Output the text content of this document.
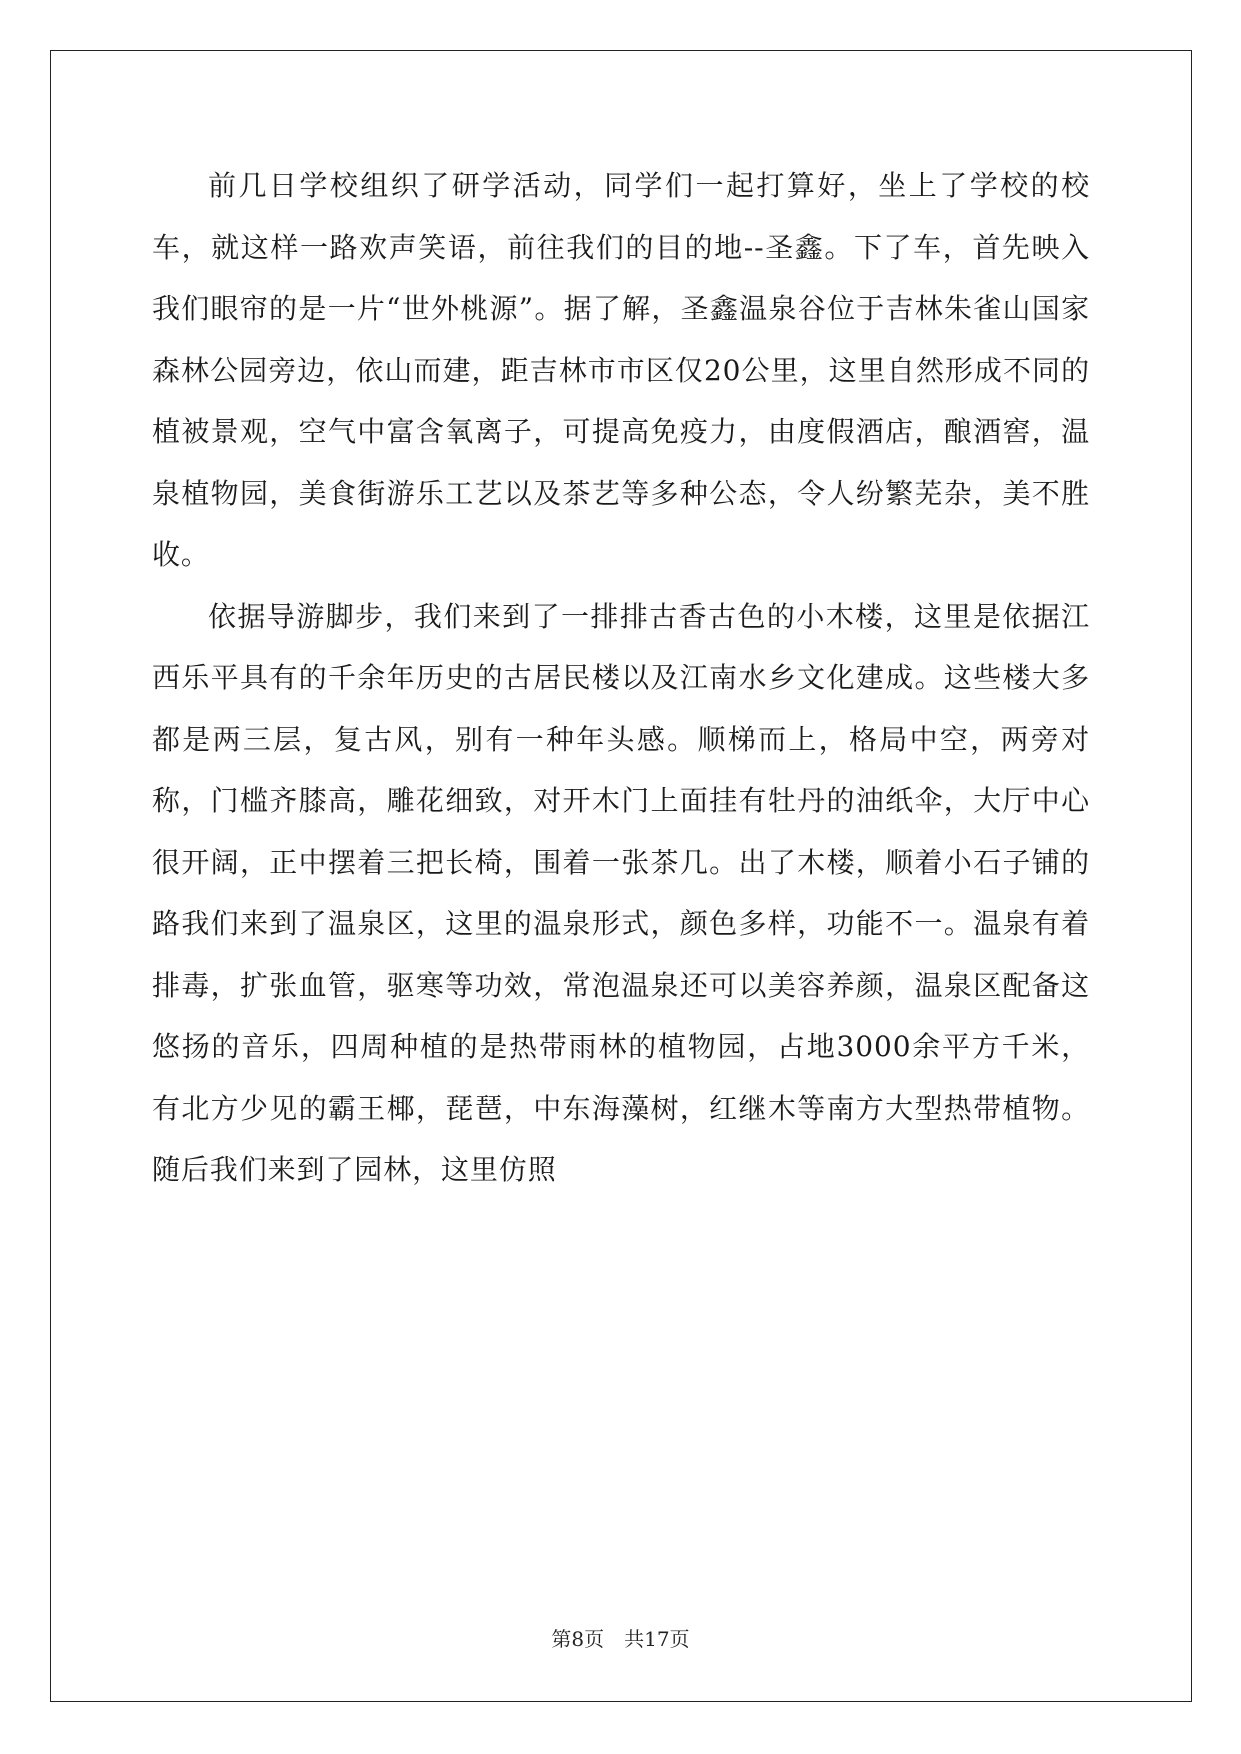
前几日学校组织了研学活动，同学们一起打算好，坐上了学校的校车，就这样一路欢声笑语，前往我们的目的地--圣鑫。下了车，首先映入我们眼帘的是一片“世外桃源”。据了解，圣鑫温泉谷位于吉林朱雀山国家森林公园旁边，依山而建，距吉林市市区仅20公里，这里自然形成不同的植被景观，空气中富含氧离子，可提高免疫力，由度假酒店，酿酒窖，温泉植物园，美食街游乐工艺以及茶艺等多种公态，令人纷繁芜杂，美不胜收。

依据导游脚步，我们来到了一排排古香古色的小木楼，这里是依据江西乐平具有的千余年历史的古居民楼以及江南水乡文化建成。这些楼大多都是两三层，复古风，别有一种年头感。顺梯而上，格局中空，两旁对称，门槛齐膝高，雕花细致，对开木门上面挂有牡丹的油纸伞，大厅中心很开阔，正中摆着三把长椅，围着一张茶几。出了木楼，顺着小石子铺的路我们来到了温泉区，这里的温泉形式，颜色多样，功能不一。温泉有着排毒，扩张血管，驱寒等功效，常泡温泉还可以美容养颜，温泉区配备这悠扬的音乐，四周种植的是热带雨林的植物园，占地3000余平方千米，有北方少见的霸王椰，琵琶，中东海藻树，红继木等南方大型热带植物。随后我们来到了园林，这里仿照

第8页 共17页
